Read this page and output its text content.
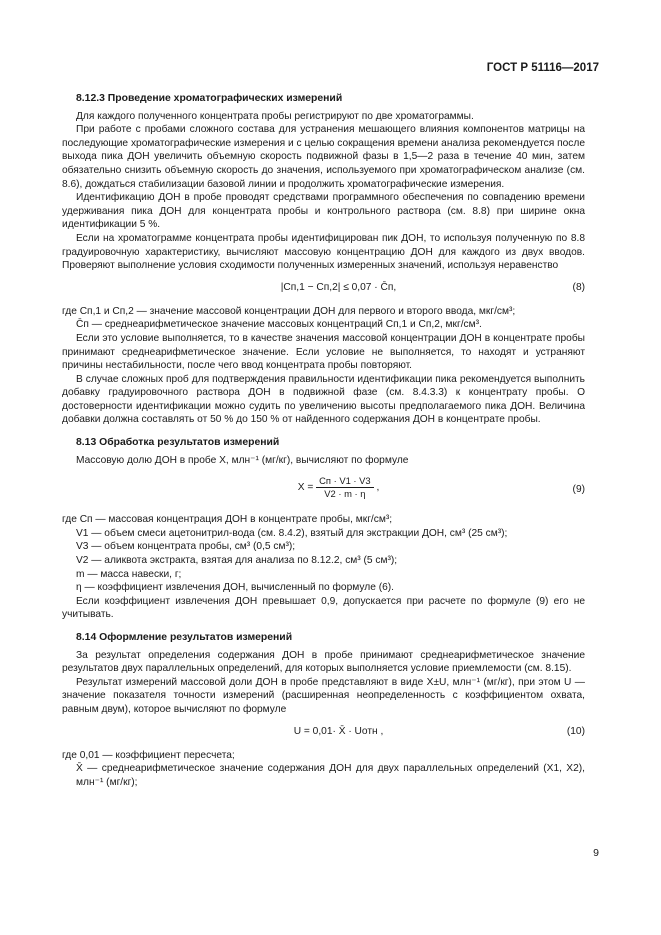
ГОСТ Р 51116—2017
8.12.3 Проведение хроматографических измерений

Для каждого полученного концентрата пробы регистрируют по две хроматограммы.

При работе с пробами сложного состава для устранения мешающего влияния компонентов матрицы на последующие хроматографические измерения и с целью сокращения времени анализа рекомендуется после выхода пика ДОН увеличить объемную скорость подвижной фазы в 1,5—2 раза в течение 40 мин, затем обязательно снизить объемную скорость до значения, используемого при хроматографическом анализе (см. 8.6), дождаться стабилизации базовой линии и продолжить хроматографические измерения.

Идентификацию ДОН в пробе проводят средствами программного обеспечения по совпадению времени удерживания пика ДОН для концентрата пробы и контрольного раствора (см. 8.8) при ширине окна идентификации 5 %.

Если на хроматограмме концентрата пробы идентифицирован пик ДОН, то используя полученную по 8.8 градуировочную характеристику, вычисляют массовую концентрацию ДОН для каждого из двух вводов. Проверяют выполнение условия сходимости полученных измеренных значений, используя неравенство

|Cп,1 − Cп,2| ≤ 0,07 · C̄п,	(8)

где Cп,1 и Cп,2 — значение массовой концентрации ДОН для первого и второго ввода, мкг/см³;

C̄п — среднеарифметическое значение массовых концентраций Cп,1 и Cп,2, мкг/см³.

Если это условие выполняется, то в качестве значения массовой концентрации ДОН в концентрате пробы принимают среднеарифметическое значение. Если условие не выполняется, то находят и устраняют причины нестабильности, после чего ввод концентрата пробы повторяют.

В случае сложных проб для подтверждения правильности идентификации пика рекомендуется выполнить добавку градуировочного раствора ДОН в подвижной фазе (см. 8.4.3.3) к концентрату пробы. О достоверности идентификации можно судить по увеличению высоты предполагаемого пика ДОН. Величина добавки должна составлять от 50 % до 150 % от найденного содержания ДОН в концентрате пробы.

8.13 Обработка результатов измерений

Массовую долю ДОН в пробе X, млн⁻¹ (мг/кг), вычисляют по формуле

$X = \frac{Cп \cdot V1 \cdot V3}{V2 \cdot m \cdot \eta}$ ,	(9)

где Cп — массовая концентрация ДОН в концентрате пробы, мкг/см³;

V1 — объем смеси ацетонитрил-вода (см. 8.4.2), взятый для экстракции ДОН, см³ (25 см³);

V3 — объем концентрата пробы, см³ (0,5 см³);

V2 — аликвота экстракта, взятая для анализа по 8.12.2, см³ (5 см³);

m — масса навески, г;

η — коэффициент извлечения ДОН, вычисленный по формуле (6).

Если коэффициент извлечения ДОН превышает 0,9, допускается при расчете по формуле (9) его не учитывать.

8.14 Оформление результатов измерений

За результат определения содержания ДОН в пробе принимают среднеарифметическое значение результатов двух параллельных определений, для которых выполняется условие приемлемости (см. 8.15).

Результат измерений массовой доли ДОН в пробе представляют в виде X±U, млн⁻¹ (мг/кг), при этом U — значение показателя точности измерений (расширенная неопределенность с коэффициентом охвата, равным двум), которое вычисляют по формуле

U = 0,01· X̄ · Uотн ,	(10)

где 0,01 — коэффициент пересчета;

X̄ — среднеарифметическое значение содержания ДОН для двух параллельных определений (X1, X2), млн⁻¹ (мг/кг);

9
